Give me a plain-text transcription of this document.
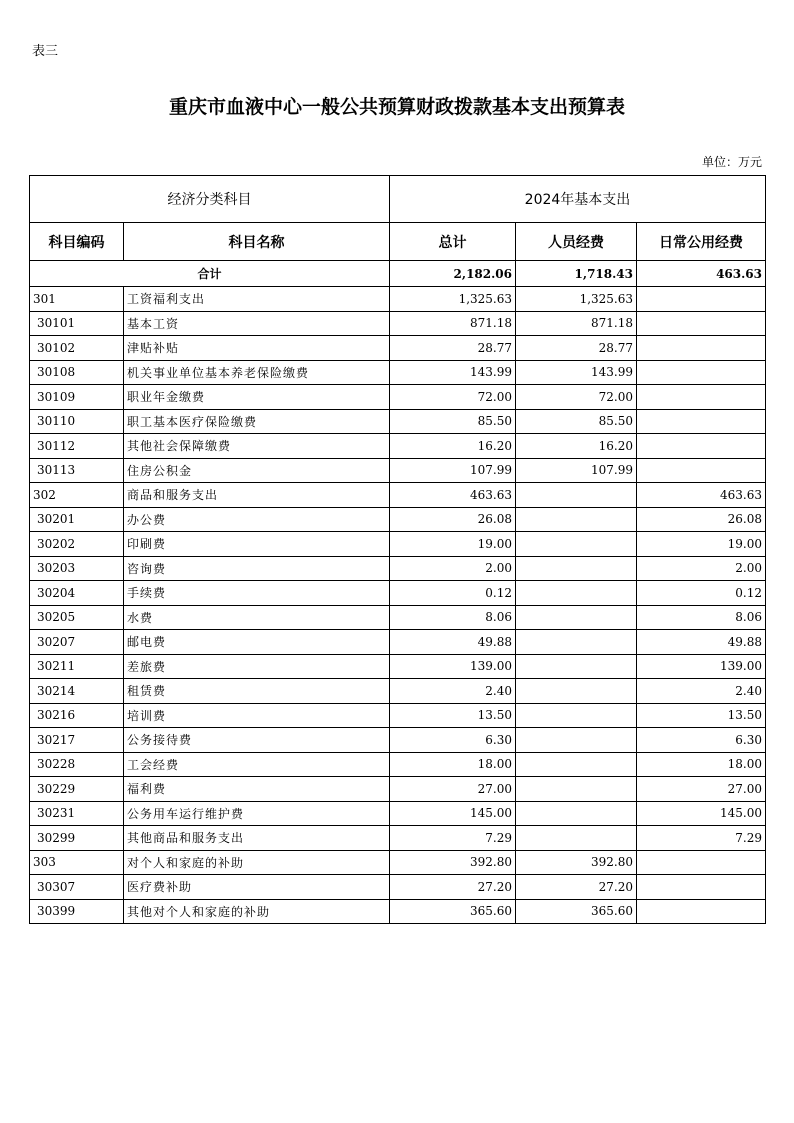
表三
重庆市血液中心一般公共预算财政拨款基本支出预算表
单位：万元
经济分类科目		2024年基本支出		
科目编码	科目名称	总计	人员经费	日常公用经费
合计		2,182.06	1,718.43	463.63
301	工资福利支出	1,325.63	1,325.63	
30101	基本工资	871.18	871.18	
30102	津贴补贴	28.77	28.77	
30108	机关事业单位基本养老保险缴费	143.99	143.99	
30109	职业年金缴费	72.00	72.00	
30110	职工基本医疗保险缴费	85.50	85.50	
30112	其他社会保障缴费	16.20	16.20	
30113	住房公积金	107.99	107.99	
302	商品和服务支出	463.63		463.63
30201	办公费	26.08		26.08
30202	印刷费	19.00		19.00
30203	咨询费	2.00		2.00
30204	手续费	0.12		0.12
30205	水费	8.06		8.06
30207	邮电费	49.88		49.88
30211	差旅费	139.00		139.00
30214	租赁费	2.40		2.40
30216	培训费	13.50		13.50
30217	公务接待费	6.30		6.30
30228	工会经费	18.00		18.00
30229	福利费	27.00		27.00
30231	公务用车运行维护费	145.00		145.00
30299	其他商品和服务支出	7.29		7.29
303	对个人和家庭的补助	392.80	392.80	
30307	医疗费补助	27.20	27.20	
30399	其他对个人和家庭的补助	365.60	365.60	
